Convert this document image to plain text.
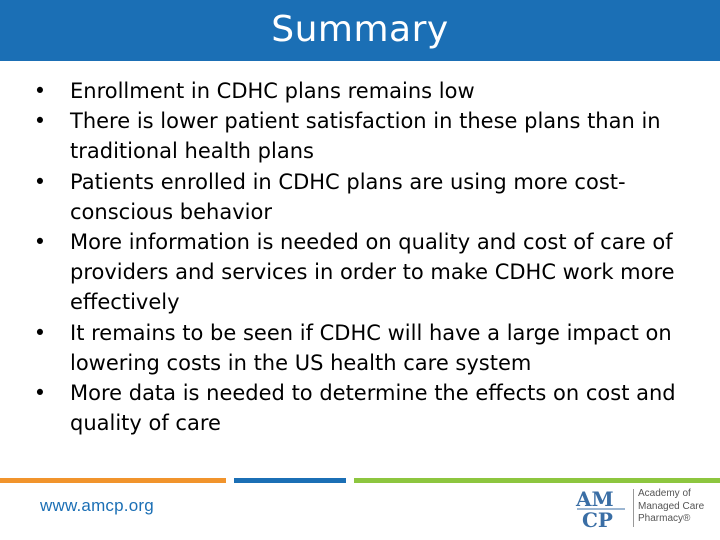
Summary
• Enrollment in CDHC plans remains low
• There is lower patient satisfaction in these plans than in traditional health plans
• Patients enrolled in CDHC plans are using more cost-conscious behavior
• More information is needed on quality and cost of care of providers and services in order to make CDHC work more effectively
• It remains to be seen if CDHC will have a large impact on lowering costs in the US health care system
• More data is needed to determine the effects on cost and quality of care
www.amcp.org	AM
CP
Academy of
Managed Care
Pharmacy®
